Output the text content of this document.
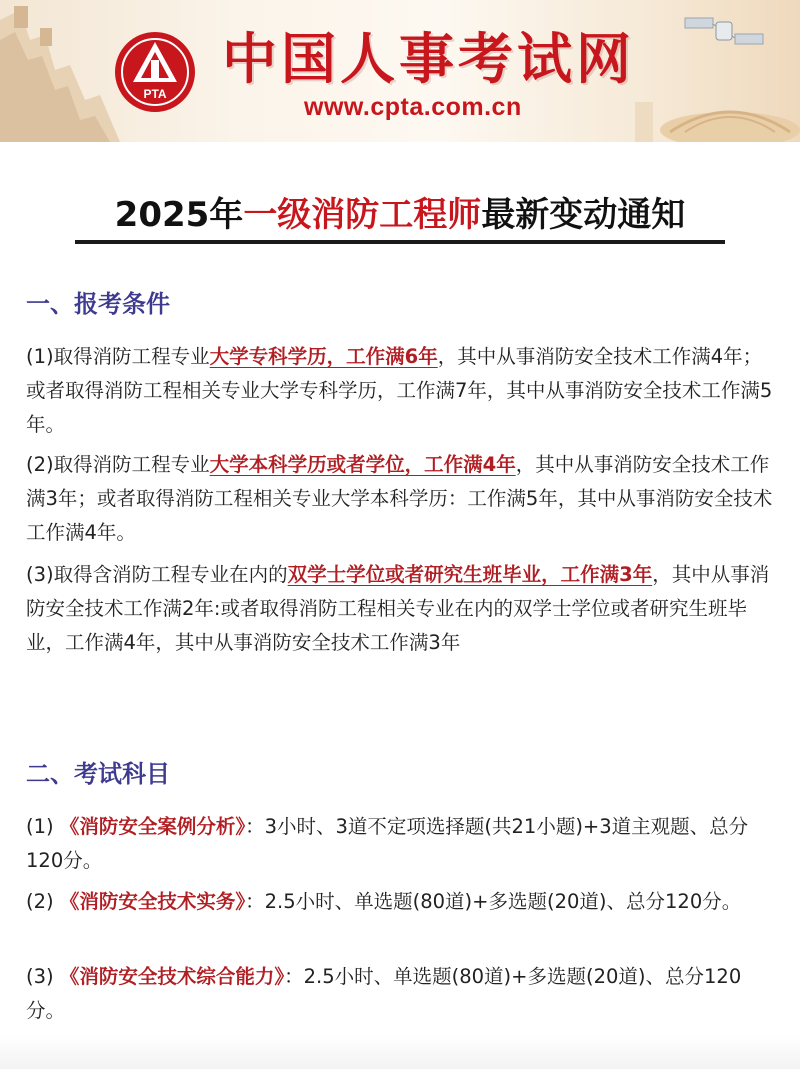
PTA
中国人事考试网
www.cpta.com.cn
2025年一级消防工程师最新变动通知
一、报考条件
(1)取得消防工程专业大学专科学历，工作满6年，其中从事消防安全技术工作满4年；或者取得消防工程相关专业大学专科学历，工作满7年，其中从事消防安全技术工作满5年。
(2)取得消防工程专业大学本科学历或者学位，工作满4年，其中从事消防安全技术工作满3年；或者取得消防工程相关专业大学本科学历：工作满5年，其中从事消防安全技术工作满4年。
(3)取得含消防工程专业在内的双学士学位或者研究生班毕业，工作满3年，其中从事消防安全技术工作满2年:或者取得消防工程相关专业在内的双学士学位或者研究生班毕业，工作满4年，其中从事消防安全技术工作满3年
二、考试科目
(1) 《消防安全案例分析》：3小时、3道不定项选择题(共21小题)+3道主观题、总分120分。
(2) 《消防安全技术实务》：2.5小时、单选题(80道)+多选题(20道)、总分120分。
(3) 《消防安全技术综合能力》：2.5小时、单选题(80道)+多选题(20道)、总分120分。
